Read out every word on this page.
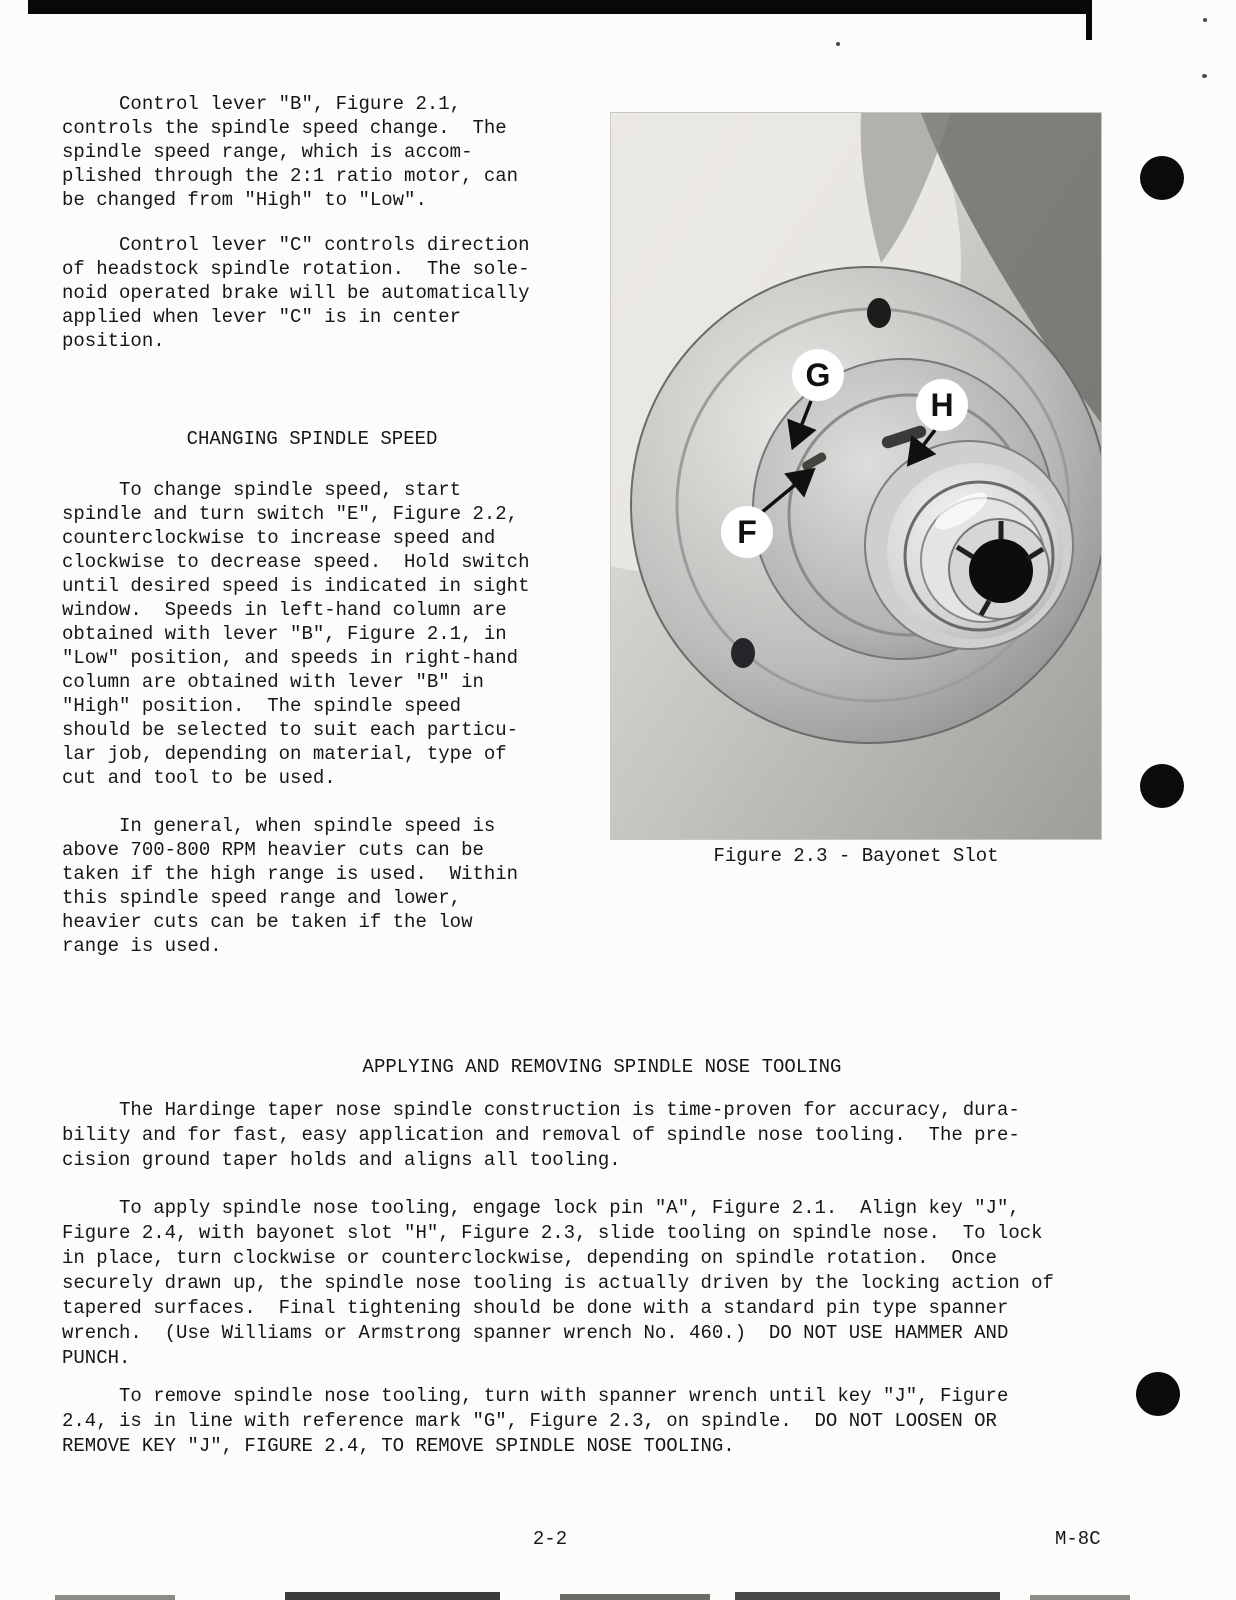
Control lever "B", Figure 2.1,
controls the spindle speed change.  The
spindle speed range, which is accom-
plished through the 2:1 ratio motor, can
be changed from "High" to "Low".
Control lever "C" controls direction
of headstock spindle rotation.  The sole-
noid operated brake will be automatically
applied when lever "C" is in center
position.
CHANGING SPINDLE SPEED
To change spindle speed, start
spindle and turn switch "E", Figure 2.2,
counterclockwise to increase speed and
clockwise to decrease speed.  Hold switch
until desired speed is indicated in sight
window.  Speeds in left-hand column are
obtained with lever "B", Figure 2.1, in
"Low" position, and speeds in right-hand
column are obtained with lever "B" in
"High" position.  The spindle speed
should be selected to suit each particu-
lar job, depending on material, type of
cut and tool to be used.
In general, when spindle speed is
above 700-800 RPM heavier cuts can be
taken if the high range is used.  Within
this spindle speed range and lower,
heavier cuts can be taken if the low
range is used.
G
H
F
Figure 2.3 - Bayonet Slot
APPLYING AND REMOVING SPINDLE NOSE TOOLING
The Hardinge taper nose spindle construction is time-proven for accuracy, dura-
bility and for fast, easy application and removal of spindle nose tooling.  The pre-
cision ground taper holds and aligns all tooling.
To apply spindle nose tooling, engage lock pin "A", Figure 2.1.  Align key "J",
Figure 2.4, with bayonet slot "H", Figure 2.3, slide tooling on spindle nose.  To lock
in place, turn clockwise or counterclockwise, depending on spindle rotation.  Once
securely drawn up, the spindle nose tooling is actually driven by the locking action of
tapered surfaces.  Final tightening should be done with a standard pin type spanner
wrench.  (Use Williams or Armstrong spanner wrench No. 460.)  DO NOT USE HAMMER AND
PUNCH.
To remove spindle nose tooling, turn with spanner wrench until key "J", Figure
2.4, is in line with reference mark "G", Figure 2.3, on spindle.  DO NOT LOOSEN OR
REMOVE KEY "J", FIGURE 2.4, TO REMOVE SPINDLE NOSE TOOLING.
2-2	M-8C
